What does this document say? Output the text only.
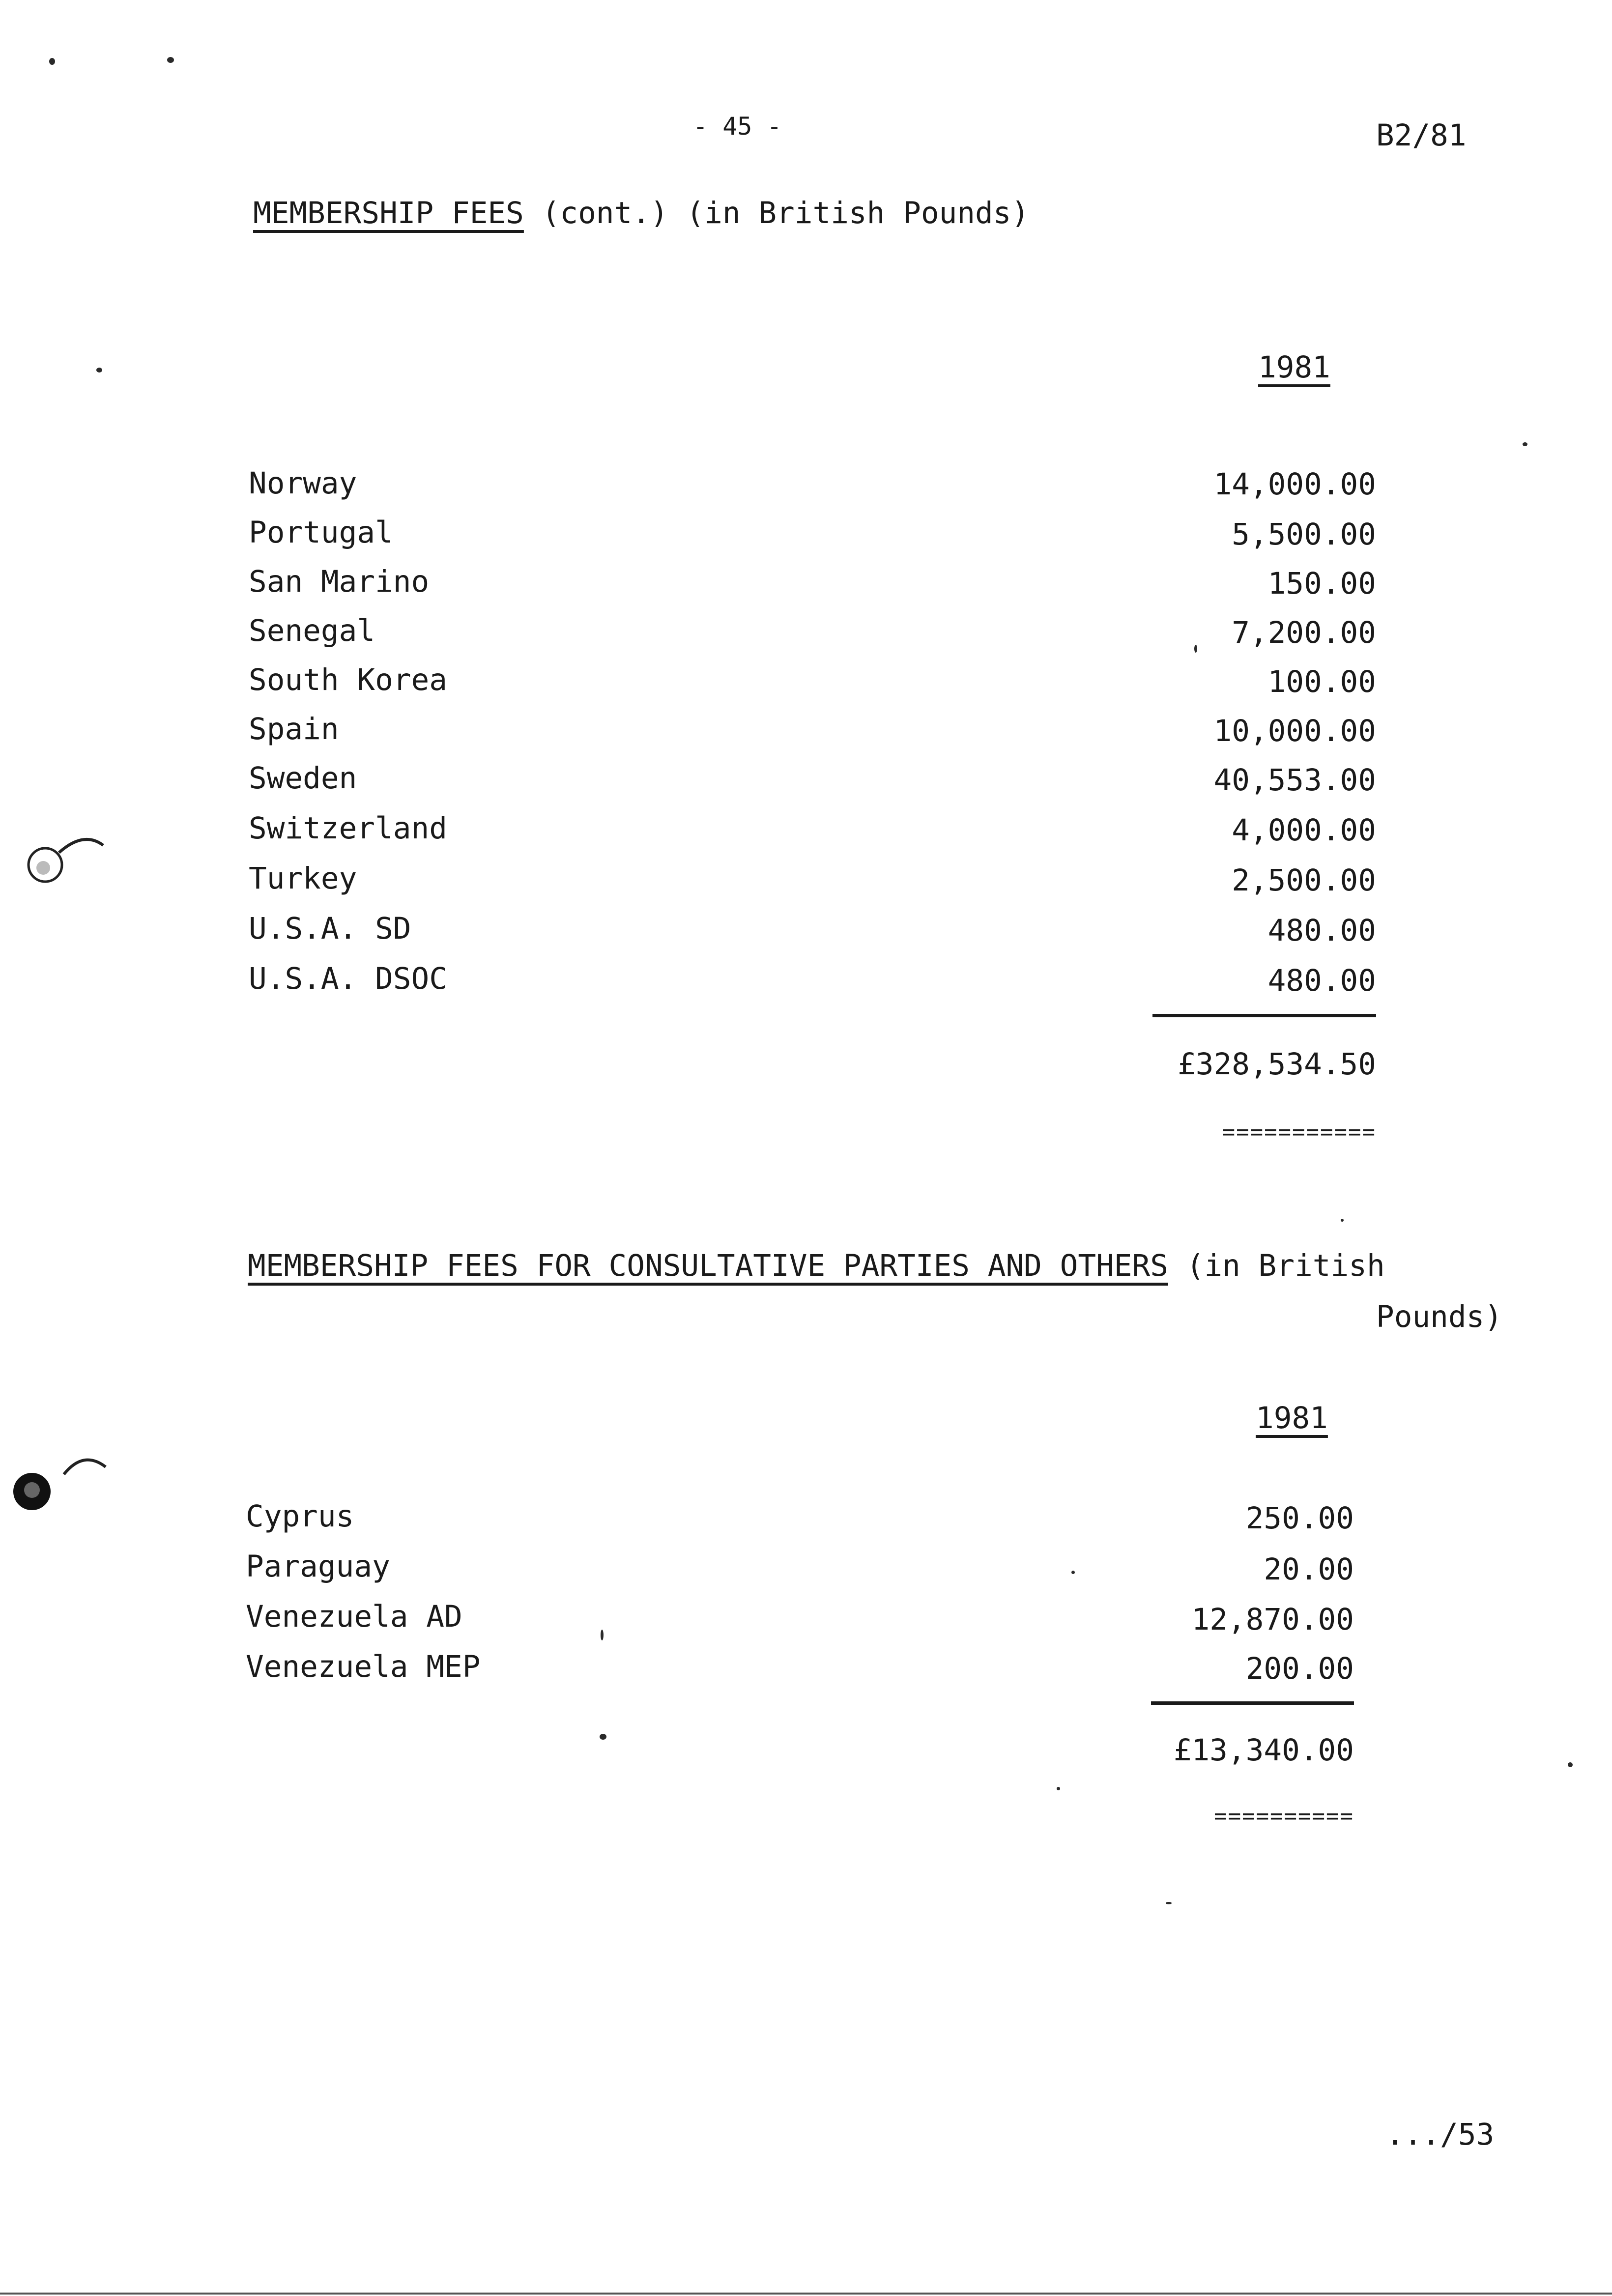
- 45 -	B2/81
MEMBERSHIP FEES (cont.) (in British Pounds)
1981
Norway	14,000.00
Portugal	5,500.00
San Marino	150.00
Senegal	7,200.00
South Korea	100.00
Spain	10,000.00
Sweden	40,553.00
Switzerland	4,000.00
Turkey	2,500.00
U.S.A. SD	480.00
U.S.A. DSOC	480.00
£328,534.50
===========
MEMBERSHIP FEES FOR CONSULTATIVE PARTIES AND OTHERS (in British
Pounds)
1981
Cyprus	250.00
Paraguay	20.00
Venezuela AD	12,870.00
Venezuela MEP	200.00
£13,340.00
==========
.../53
